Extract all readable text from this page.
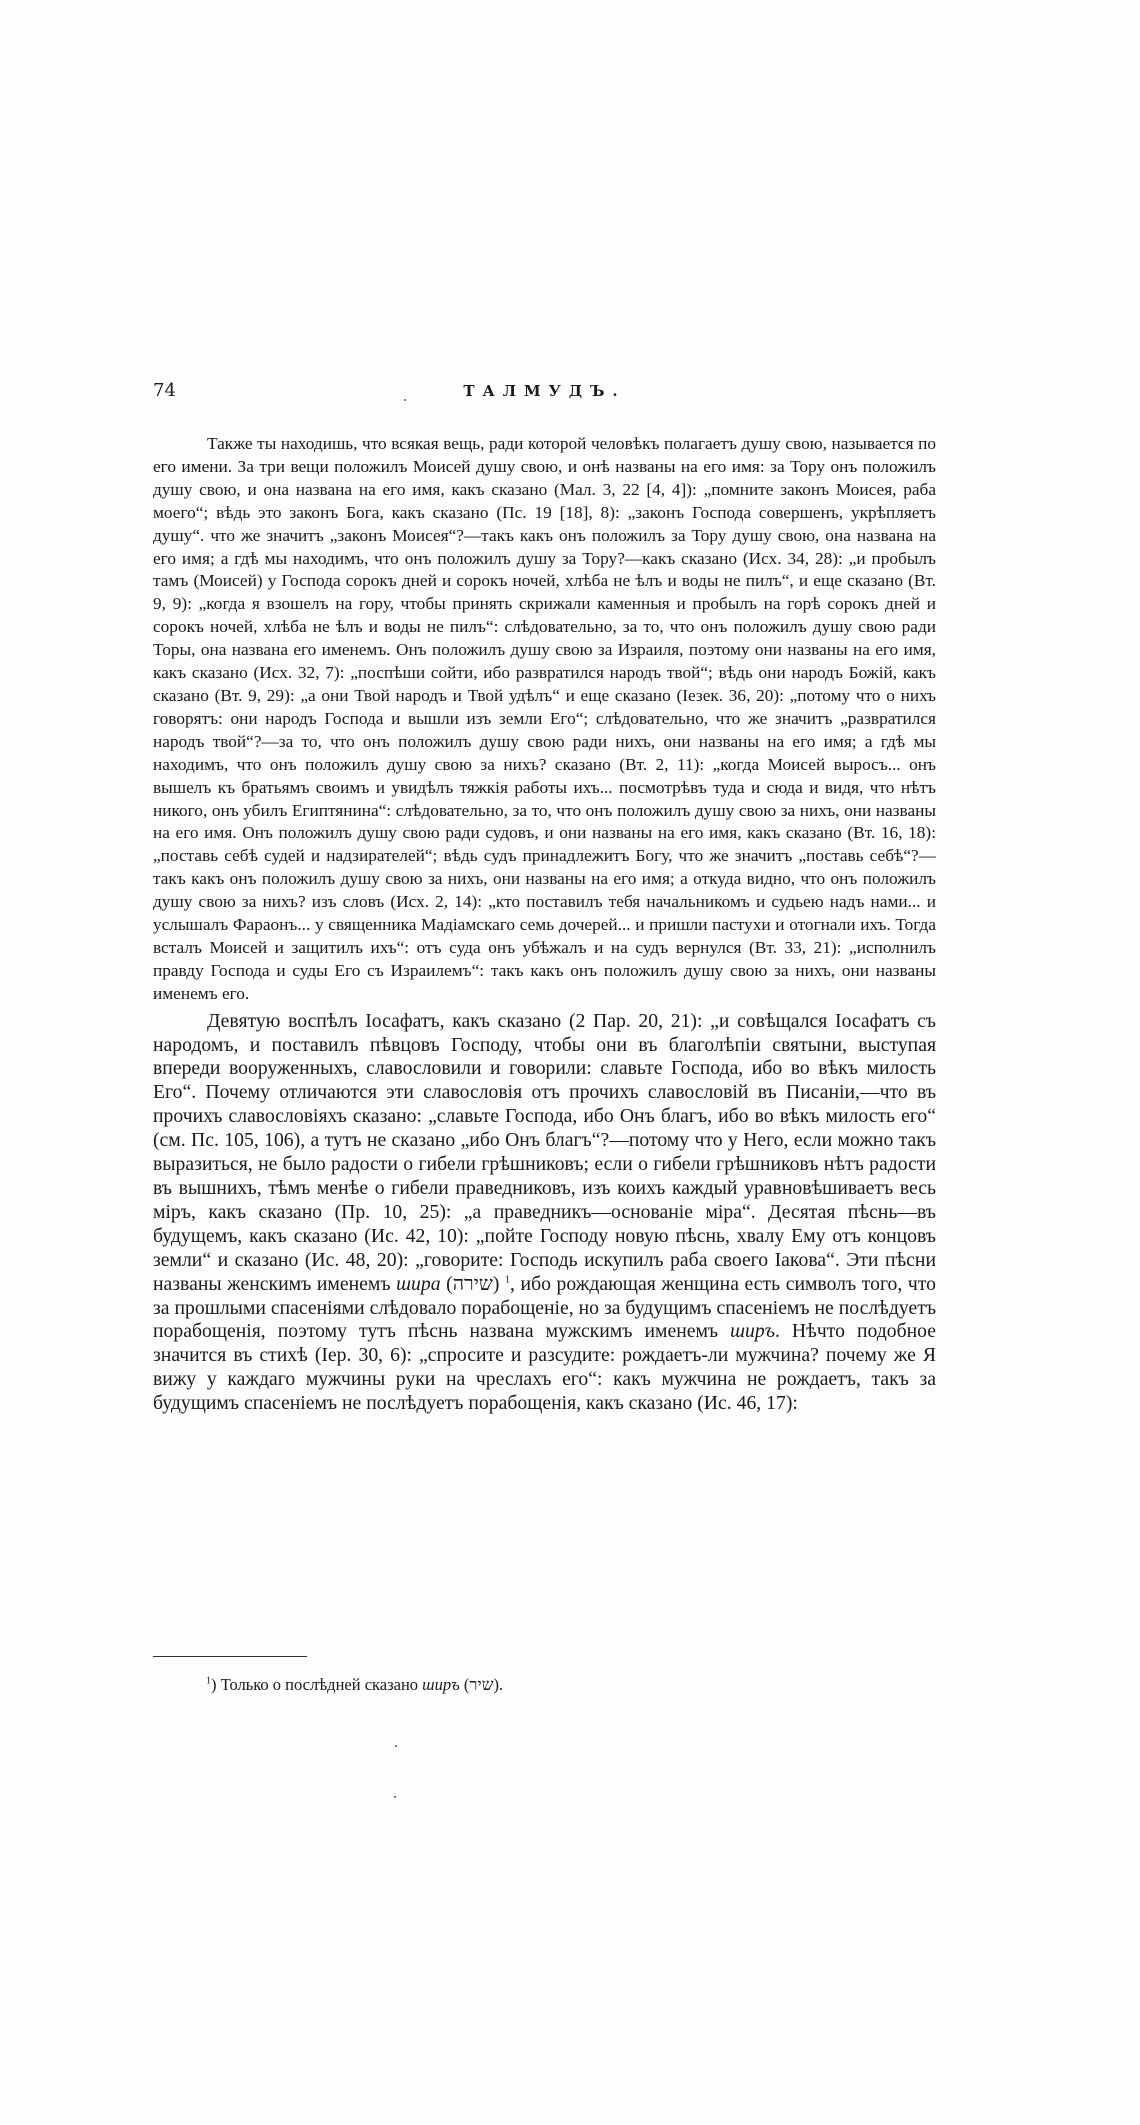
74	ТАЛМУДЪ.

Также ты находишь, что всякая вещь, ради которой человѣкъ полагаетъ душу свою, называется по его имени. За три вещи положилъ Моисей душу свою, и онѣ названы на его имя: за Тору онъ положилъ душу свою, и она названа на его имя, какъ сказано (Мал. 3, 22 [4, 4]): „помните законъ Моисея, раба моего“; вѣдь это законъ Бога, какъ сказано (Пс. 19 [18], 8): „законъ Господа совершенъ, укрѣпляетъ душу“. что же значитъ „законъ Моисея“?—такъ какъ онъ положилъ за Тору душу свою, она названа на его имя; а гдѣ мы находимъ, что онъ положилъ душу за Тору?—какъ сказано (Исх. 34, 28): „и пробылъ тамъ (Моисей) у Господа сорокъ дней и сорокъ ночей, хлѣба не ѣлъ и воды не пилъ“, и еще сказано (Вт. 9, 9): „когда я взошелъ на гору, чтобы принять скрижали каменныя и пробылъ на горѣ сорокъ дней и сорокъ ночей, хлѣба не ѣлъ и воды не пилъ“: слѣдовательно, за то, что онъ положилъ душу свою ради Торы, она названа его именемъ. Онъ положилъ душу свою за Израиля, поэтому они названы на его имя, какъ сказано (Исх. 32, 7): „поспѣши сойти, ибо развратился народъ твой“; вѣдь они народъ Божій, какъ сказано (Вт. 9, 29): „а они Твой народъ и Твой удѣлъ“ и еще сказано (Iезек. 36, 20): „потому что о нихъ говорятъ: они народъ Господа и вышли изъ земли Его“; слѣдовательно, что же значитъ „развратился народъ твой“?—за то, что онъ положилъ душу свою ради нихъ, они названы на его имя; а гдѣ мы находимъ, что онъ положилъ душу свою за нихъ? сказано (Вт. 2, 11): „когда Моисей выросъ... онъ вышелъ къ братьямъ своимъ и увидѣлъ тяжкія работы ихъ... посмотрѣвъ туда и сюда и видя, что нѣтъ никого, онъ убилъ Египтянина“: слѣдовательно, за то, что онъ положилъ душу свою за нихъ, они названы на его имя. Онъ положилъ душу свою ради судовъ, и они названы на его имя, какъ сказано (Вт. 16, 18): „поставь себѣ судей и надзирателей“; вѣдь судъ принадлежитъ Богу, что же значитъ „поставь себѣ“?—такъ какъ онъ положилъ душу свою за нихъ, они названы на его имя; а откуда видно, что онъ положилъ душу свою за нихъ? изъ словъ (Исх. 2, 14): „кто поставилъ тебя начальникомъ и судьею надъ нами... и услышалъ Фараонъ... у священника Мадіамскаго семь дочерей... и пришли пастухи и отогнали ихъ. Тогда всталъ Моисей и защитилъ ихъ“: отъ суда онъ убѣжалъ и на судъ вернулся (Вт. 33, 21): „исполнилъ правду Господа и суды Его съ Израилемъ“: такъ какъ онъ положилъ душу свою за нихъ, они названы именемъ его.

Девятую воспѣлъ Iосафатъ, какъ сказано (2 Пар. 20, 21): „и совѣщался Iосафатъ съ народомъ, и поставилъ пѣвцовъ Господу, чтобы они въ благолѣпіи святыни, выступая впереди вооруженныхъ, славословили и говорили: славьте Господа, ибо во вѣкъ милость Его“. Почему отличаются эти славословія отъ прочихъ славословій въ Писаніи,—что въ прочихъ славословіяхъ сказано: „славьте Господа, ибо Онъ благъ, ибо во вѣкъ милость его“ (см. Пс. 105, 106), а тутъ не сказано „ибо Онъ благъ“?—потому что у Него, если можно такъ выразиться, не было радости о гибели грѣшниковъ; если о гибели грѣшниковъ нѣтъ радости въ вышнихъ, тѣмъ менѣе о гибели праведниковъ, изъ коихъ каждый уравновѣшиваетъ весь міръ, какъ сказано (Пр. 10, 25): „а праведникъ—основаніе міра“. Десятая пѣснь—въ будущемъ, какъ сказано (Ис. 42, 10): „пойте Господу новую пѣснь, хвалу Ему отъ концовъ земли“ и сказано (Ис. 48, 20): „говорите: Господь искупилъ раба своего Iакова“. Эти пѣсни названы женскимъ именемъ шира (שירה) $^1$, ибо рождающая женщина есть символъ того, что за прошлыми спасеніями слѣдовало порабощеніе, но за будущимъ спасеніемъ не послѣдуетъ порабощенія, поэтому тутъ пѣснь названа мужскимъ именемъ ширъ. Нѣчто подобное значится въ стихѣ (Iер. 30, 6): „спросите и разсудите: рождаетъ-ли мужчина? почему же Я вижу у каждаго мужчины руки на чреслахъ его“: какъ мужчина не рождаетъ, такъ за будущимъ спасеніемъ не послѣдуетъ порабощенія, какъ сказано (Ис. 46, 17):

$^1$) Только о послѣдней сказано ширъ (שיר).
